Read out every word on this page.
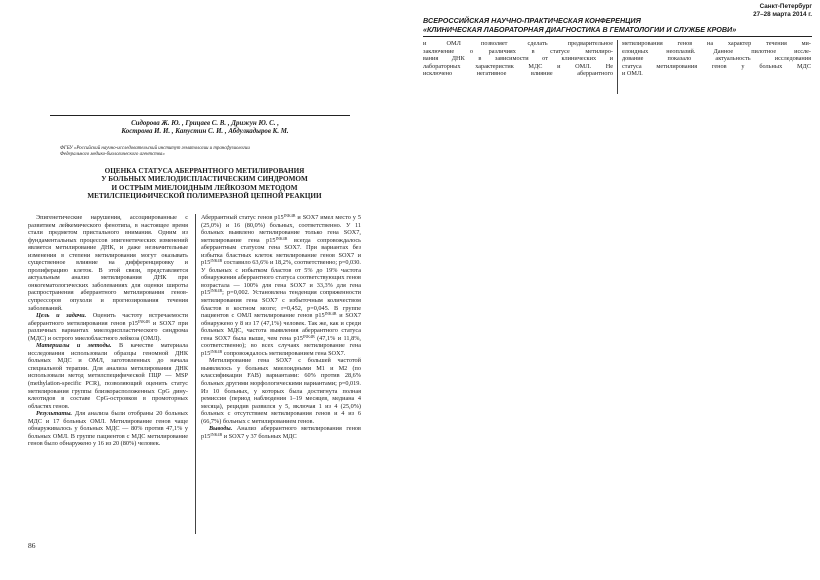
Санкт-Петербург
27–28 марта 2014 г.
ВСЕРОССИЙСКАЯ НАУЧНО-ПРАКТИЧЕСКАЯ КОНФЕРЕНЦИЯ
«КЛИНИЧЕСКАЯ ЛАБОРАТОРНАЯ ДИАГНОСТИКА В ГЕМАТОЛОГИИ И СЛУЖБЕ КРОВИ»
и ОМЛ позволяет сделать предварительное
заключение о различиях в статусе метилиро-
вания ДНК в зависимости от клинических и
лабораторных характеристик МДС и ОМЛ. Не
исключено негативное влияние аберрантного
метилирования генов на характер течения ми-
елоидных неоплазий. Данное пилотное иссле-
дование показало актуальность исследования
статуса метилирования генов у больных МДС
и ОМЛ.
Сидорова Ж. Ю. , Грицаев С. В. , Дрижун Ю. С. ,
Кострома И. И. , Капустин С. И. , Абдулкадыров К. М.
ФГБУ «Российский научно-исследовательский институт гематологии и трансфузиологии
Федерального медико-биологического агентства»
ОЦЕНКА СТАТУСА АБЕРРАНТНОГО МЕТИЛИРОВАНИЯ
У БОЛЬНЫХ МИЕЛОДИСПЛАСТИЧЕСКИМ СИНДРОМОМ
И ОСТРЫМ МИЕЛОИДНЫМ ЛЕЙКОЗОМ МЕТОДОМ
МЕТИЛСПЕЦИФИЧЕСКОЙ ПОЛИМЕРАЗНОЙ ЦЕПНОЙ РЕАКЦИИ

Эпигенетические нарушения, ассоциированные с развитием лейкемического фенотипа, в настоящее время стали предметом пристального внимания. Одним из фундаментальных процессов эпигенетических изменений является метилирование ДНК, и даже незначительные изменения в степени метилирования могут оказывать существенное влияние на дифференцировку и пролиферацию клеток. В этой связи, представляется актуальным анализ метилирования ДНК при онкогематологических заболеваниях для оценки широты распространения аберрантного метилирования генов-супрессоров опухоли и прогнозирования течения заболеваний.

Цель и задачи. Оценить частоту встречаемости аберрантного метилирования генов $p15^{INK4B}$ и SOX7 при различных вариантах миелодиспластического синдрома (МДС) и острого миелобластного лейкоза (ОМЛ).

Материалы и методы. В качестве материала исследования использовали образцы геномной ДНК больных МДС и ОМЛ, заготовленных до начала специальной терапии. Для анализа метилирования ДНК использовали метод метилспецифической ПЦР — MSP (methylation-specific PCR), позволяющий оценить статус метилирования группы близкорасположенных CpG динуклеотидов в составе CpG-островков в промоторных областях генов.

Результаты. Для анализа были отобраны 20 больных МДС и 17 больных ОМЛ. Метилирование генов чаще обнаруживалось у больных МДС — 80% против 47,1% у больных ОМЛ. В группе пациентов с МДС метилирование генов было обнаружено у 16 из 20 (80%) человек.

Аберрантный статус генов $p15^{INK4B}$ и SOX7 имел место у 5 (25,0%) и 16 (80,0%) больных, соответственно. У 11 больных выявлено метилирование только гена SOX7, метилирование гена $p15^{INK4B}$ всегда сопровождалось аберрантным статусом гена SOX7. При вариантах без избытка бластных клеток метилирование генов SOX7 и $p15^{INK4B}$ составило 63,6% и 18,2%, соответственно; p=0,030. У больных с избытком бластов от 5% до 19% частота обнаружения аберрантного статуса соответствующих генов возрастала — 100% для гена SOX7 и 33,3% для гена $p15^{INK4B}$; p=0,002. Установлена тенденция сопряженности метилирования гена SOX7 с избыточным количеством бластов в костном мозге; r=0,452, p=0,045. В группе пациентов с ОМЛ метилирование генов $p15^{INK4B}$ и SOX7 обнаружено у 8 из 17 (47,1%) человек. Так же, как и среди больных МДС, частота выявления аберрантного статуса гена SOX7 была выше, чем гена $p15^{INK4B}$ (47,1% и 11,8%, соответственно); во всех случаях метилирование гена $p15^{INK4B}$ сопровождалось метилированием гена SOX7.

Метилирование гена SOX7 с большей частотой выявлялось у больных миелоидными M1 и M2 (по классификации FAB) вариантами: 60% против 28,6% больных другими морфологическими вариантами; p=0,019. Из 10 больных, у которых была достигнута полная ремиссия (период наблюдения 1–19 месяцев, медиана 4 месяца), рецидив развился у 5, включая 1 из 4 (25,0%) больных с отсутствием метилирования генов и 4 из 6 (66,7%) больных с метилированием генов.

Выводы. Анализ аберрантного метилирования генов $p15^{INK4B}$ и SOX7 у 37 больных МДС

86
